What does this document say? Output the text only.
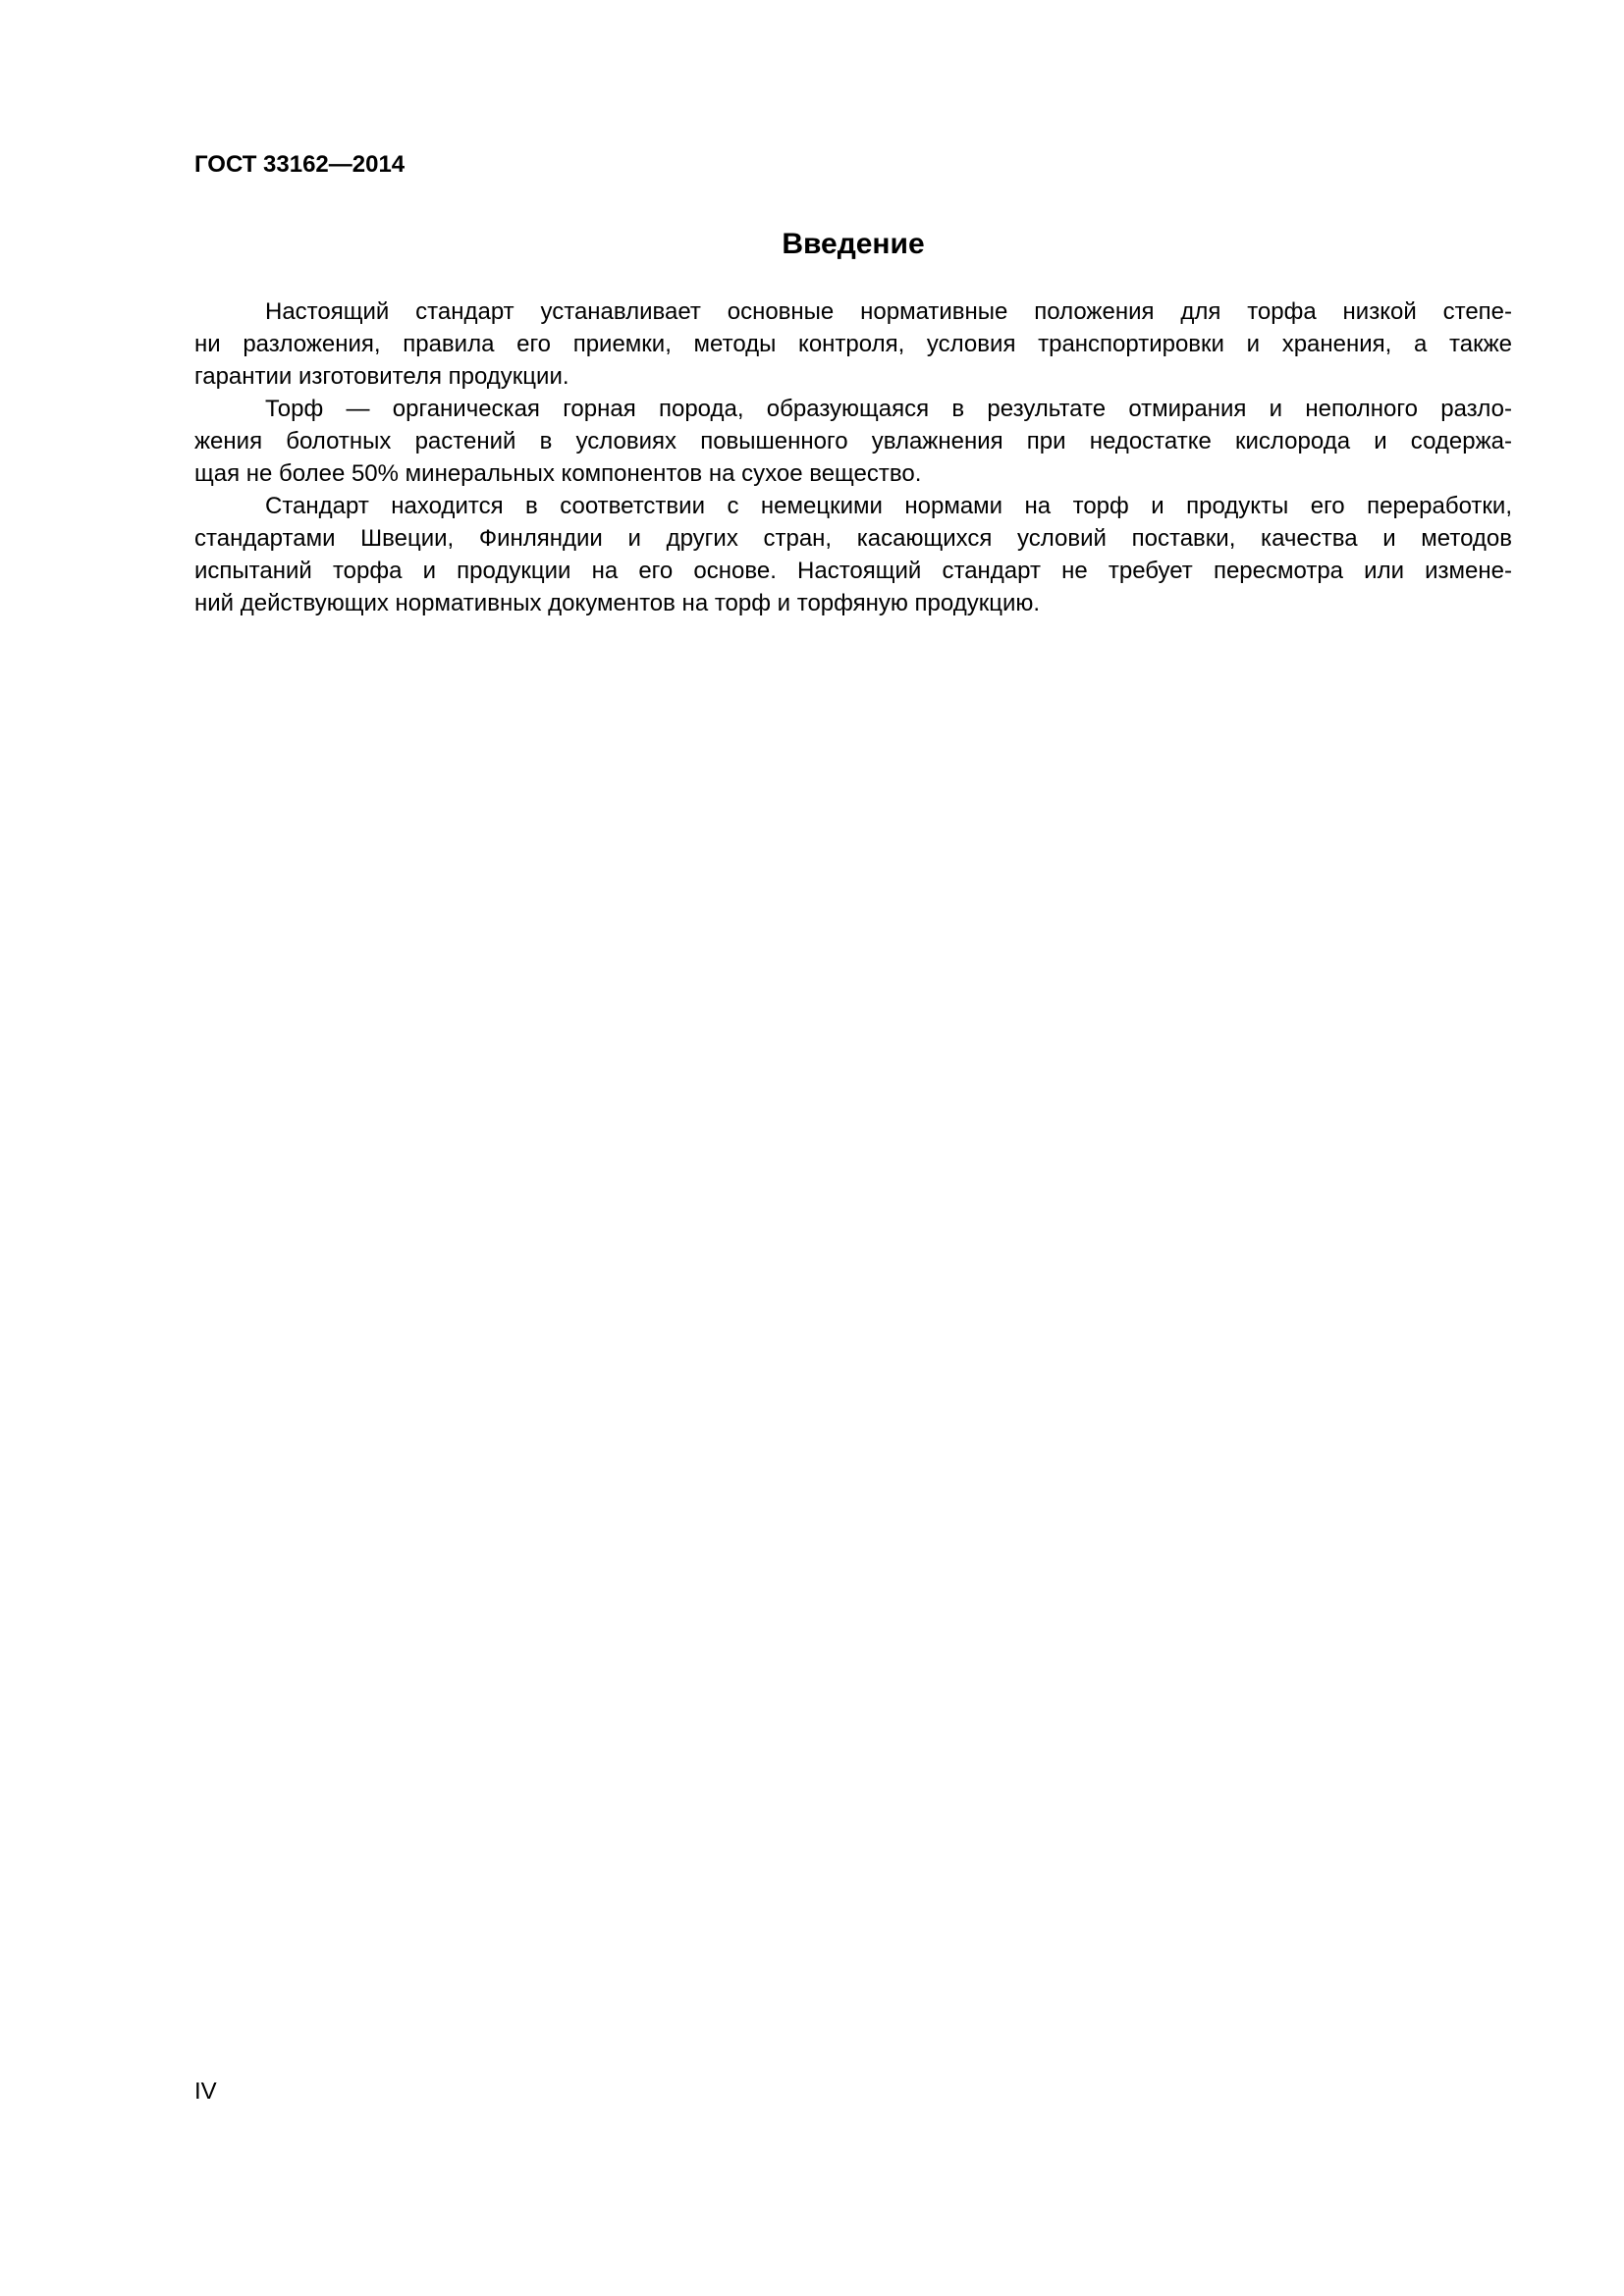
ГОСТ 33162—2014
Введение
Настоящий стандарт устанавливает основные нормативные положения для торфа низкой степе-
ни разложения, правила его приемки, методы контроля, условия транспортировки и хранения, а также
гарантии изготовителя продукции.
Торф — органическая горная порода, образующаяся в результате отмирания и неполного разло-
жения болотных растений в условиях повышенного увлажнения при недостатке кислорода и содержа-
щая не более 50% минеральных компонентов на сухое вещество.
Стандарт находится в соответствии с немецкими нормами на торф и продукты его переработки,
стандартами Швеции, Финляндии и других стран, касающихся условий поставки, качества и методов
испытаний торфа и продукции на его основе. Настоящий стандарт не требует пересмотра или измене-
ний действующих нормативных документов на торф и торфяную продукцию.
IV
